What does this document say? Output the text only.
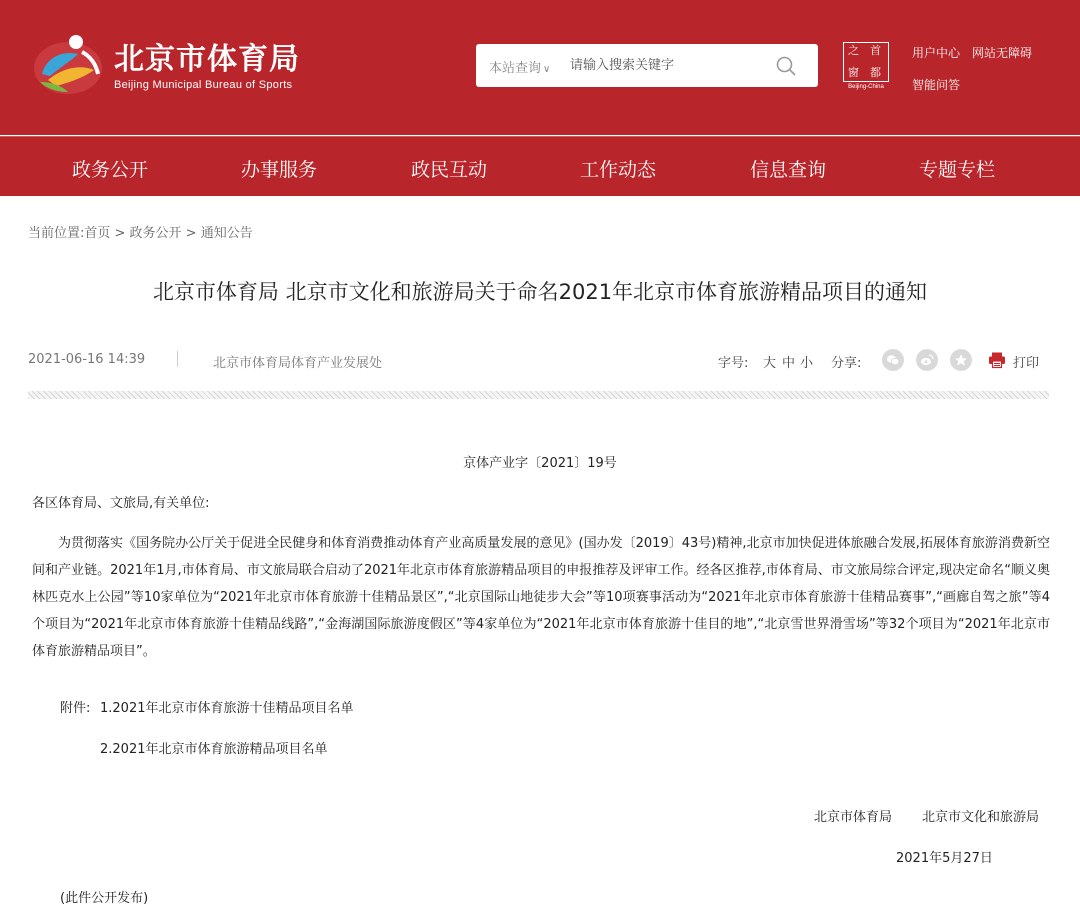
北京市体育局
Beijing Municipal Bureau of Sports
本站查询 ∨
请输入搜索关键字
之 首
窗 都
Beijing-China
用户中心 网站无障碍
智能问答
政务公开	办事服务	政民互动	工作动态	信息查询	专题专栏
当前位置:首页 > 政务公开 > 通知公告
北京市体育局 北京市文化和旅游局关于命名2021年北京市体育旅游精品项目的通知
2021-06-16 14:39	北京市体育局体育产业发展处	字号: 大 中 小 分享:	打印
京体产业字〔2021〕19号
各区体育局、文旅局,有关单位:
为贯彻落实《国务院办公厅关于促进全民健身和体育消费推动体育产业高质量发展的意见》(国办发〔2019〕43号)精神,北京市加快促进体旅融合发展,拓展体育旅游消费新空间和产业链。2021年1月,市体育局、市文旅局联合启动了2021年北京市体育旅游精品项目的申报推荐及评审工作。经各区推荐,市体育局、市文旅局综合评定,现决定命名“顺义奥林匹克水上公园”等10家单位为“2021年北京市体育旅游十佳精品景区”,“北京国际山地徒步大会”等10项赛事活动为“2021年北京市体育旅游十佳精品赛事”,“画廊自驾之旅”等4个项目为“2021年北京市体育旅游十佳精品线路”,“金海湖国际旅游度假区”等4家单位为“2021年北京市体育旅游十佳目的地”,“北京雪世界滑雪场”等32个项目为“2021年北京市体育旅游精品项目”。
附件: 1.2021年北京市体育旅游十佳精品项目名单
2.2021年北京市体育旅游精品项目名单
北京市体育局 北京市文化和旅游局
2021年5月27日
(此件公开发布)
